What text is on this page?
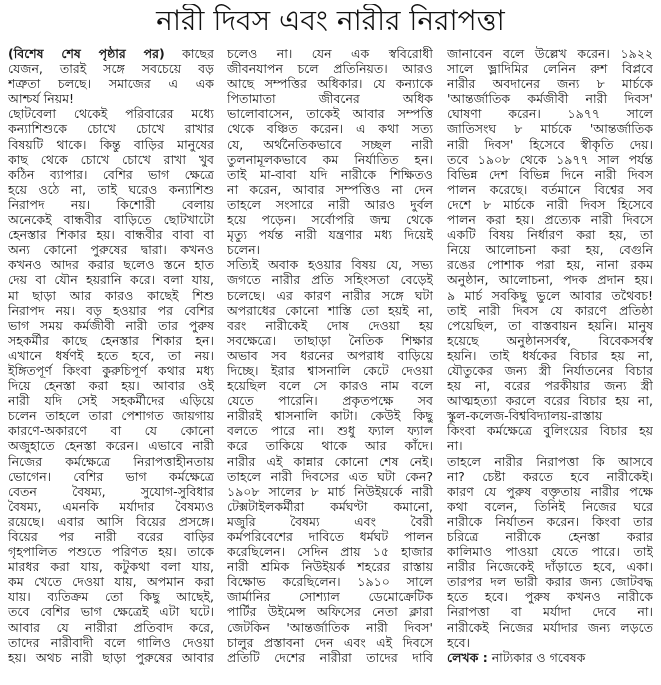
নারী দিবস এবং নারীর নিরাপত্তা
(বিশেষ শেষ পৃষ্ঠার পর) কাছের
যেজন, তারই সঙ্গে সবচেয়ে বড়
শত্রুতা চলছে। সমাজের এ এক
আশ্চর্য নিয়ম!
ছোটবেলা থেকেই পরিবারের মধ্যে
কন্যাশিশুকে চোখে চোখে রাখার
বিষয়টি থাকে। কিন্তু বাড়ির মানুষের
কাছ থেকে চোখে চোখে রাখা খুব
কঠিন ব্যাপার। বেশির ভাগ ক্ষেত্রে
হয়ে ওঠে না, তাই ঘরেও কন্যাশিশু
নিরাপদ নয়। কিশোরী বেলায়
অনেকেই বান্ধবীর বাড়িতে ছোটখাটো
হেনস্তার শিকার হয়। বান্ধবীর বাবা বা
অন্য কোনো পুরুষের দ্বারা। কখনও
কখনও আদর করার ছলেও স্তনে হাত
দেয় বা যৌন হয়রানি করে। বলা যায়,
মা ছাড়া আর কারও কাছেই শিশু
নিরাপদ নয়। বড় হওয়ার পর বেশির
ভাগ সময় কর্মজীবী নারী তার পুরুষ
সহকর্মীর কাছে হেনস্তার শিকার হন।
এখানে ধর্ষণই হতে হবে, তা নয়।
ইঙ্গিতপূর্ণ কিংবা কুরুচিপূর্ণ কথার মধ্য
দিয়ে হেনস্তা করা হয়। আবার ওই
নারী যদি সেই সহকর্মীদের এড়িয়ে
চলেন তাহলে তারা পেশাগত জায়গায়
কারণে-অকারণে বা যে কোনো
অজুহাতে হেনস্তা করেন। এভাবে নারী
নিজের কর্মক্ষেত্রে নিরাপত্তাহীনতায়
ভোগেন। বেশির ভাগ কর্মক্ষেত্রে
বেতন বৈষম্য, সুযোগ-সুবিধার
বৈষম্য, এমনকি মর্যাদার বৈষম্যও
রয়েছে। এবার আসি বিয়ের প্রসঙ্গে।
বিয়ের পর নারী বরের বাড়ির
গৃহপালিত পশুতে পরিণত হয়। তাকে
মারধর করা যায়, কটুকথা বলা যায়,
কম খেতে দেওয়া যায়, অপমান করা
যায়। ব্যতিক্রম তো কিছু আছেই,
তবে বেশির ভাগ ক্ষেত্রেই এটা ঘটে।
আবার যে নারীরা প্রতিবাদ করে,
তাদের নারীবাদী বলে গালিও দেওয়া
হয়। অথচ নারী ছাড়া পুরুষের আবার
চলেও না। যেন এক স্ববিরোধী
জীবনযাপন চলে প্রতিনিয়ত। আরও
আছে সম্পত্তির অধিকার। যে কন্যাকে
পিতামাতা জীবনের অধিক
ভালোবাসেন, তাকেই আবার সম্পত্তি
থেকে বঞ্চিত করেন। এ কথা সত্য
যে, অর্থনৈতিকভাবে সচ্ছল নারী
তুলনামূলকভাবে কম নির্যাতিত হন।
তাই মা-বাবা যদি নারীকে শিক্ষিতও
না করেন, আবার সম্পত্তিও না দেন
তাহলে সংসারে নারী আরও দুর্বল
হয়ে পড়েন। সর্বোপরি জন্ম থেকে
মৃত্যু পর্যন্ত নারী যন্ত্রণার মধ্য দিয়েই
চলেন।
সত্যিই অবাক হওয়ার বিষয় যে, সভ্য
জগতে নারীর প্রতি সহিংসতা বেড়েই
চলেছে। এর কারণ নারীর সঙ্গে ঘটা
অপরাধের কোনো শাস্তি তো হয়ই না,
বরং নারীকেই দোষ দেওয়া হয়
সবক্ষেত্রে। তাছাড়া নৈতিক শিক্ষার
অভাব সব ধরনের অপরাধ বাড়িয়ে
দিচ্ছে। ইরার শ্বাসনালি কেটে দেওয়া
হয়েছিল বলে সে কারও নাম বলে
যেতে পারেনি। প্রকৃতপক্ষে সব
নারীরই শ্বাসনালি কাটা। কেউই কিছু
বলতে পারে না। শুধু ফ্যাল ফ্যাল
করে তাকিয়ে থাকে আর কাঁদে।
নারীর এই কান্নার কোনো শেষ নেই।
তাহলে নারী দিবসের এত ঘটা কেন?
১৯০৮ সালের ৮ মার্চ নিউইয়র্কে নারী
টেক্সটাইলকর্মীরা কর্মঘণ্টা কমানো,
মজুরি বৈষম্য এবং বৈরী
কর্মপরিবেশের দাবিতে ধর্মঘট পালন
করেছিলেন। সেদিন প্রায় ১৫ হাজার
নারী শ্রমিক নিউইয়র্ক শহরের রাস্তায়
বিক্ষোভ করেছিলেন। ১৯১০ সালে
জার্মানির সোশ্যাল ডেমোক্রেটিক
পার্টির উইমেন্স অফিসের নেতা ক্লারা
জেটকিন 'আন্তর্জাতিক নারী দিবস'
চালুর প্রস্তাবনা দেন এবং এই দিবসে
প্রতিটি দেশের নারীরা তাদের দাবি
জানাবেন বলে উল্লেখ করেন। ১৯২২
সালে ভ্লাদিমির লেনিন রুশ বিপ্লবে
নারীর অবদানের জন্য ৮ মার্চকে
'আন্তর্জাতিক কর্মজীবী নারী দিবস'
ঘোষণা করেন। ১৯৭৭ সালে
জাতিসংঘ ৮ মার্চকে 'আন্তর্জাতিক
নারী দিবস' হিসেবে স্বীকৃতি দেয়।
তবে ১৯০৮ থেকে ১৯৭৭ সাল পর্যন্ত
বিভিন্ন দেশ বিভিন্ন দিনে নারী দিবস
পালন করেছে। বর্তমানে বিশ্বের সব
দেশে ৮ মার্চকে নারী দিবস হিসেবে
পালন করা হয়। প্রত্যেক নারী দিবসে
একটি বিষয় নির্ধারণ করা হয়, তা
নিয়ে আলোচনা করা হয়, বেগুনি
রঙের পোশাক পরা হয়, নানা রকম
অনুষ্ঠান, আলোচনা, পদক প্রদান হয়।
৯ মার্চ সবকিছু ভুলে আবার তথৈবচ!
তাই নারী দিবস যে কারণে প্রতিষ্ঠা
পেয়েছিল, তা বাস্তবায়ন হয়নি। মানুষ
হয়েছে অনুষ্ঠানসর্বস্ব, বিবেকসর্বস্ব
হয়নি। তাই ধর্ষকের বিচার হয় না,
যৌতুকের জন্য স্ত্রী নির্যাতনের বিচার
হয় না, বরের পরকীয়ার জন্য স্ত্রী
আত্মহত্যা করলে বরের বিচার হয় না,
স্কুল-কলেজ-বিশ্ববিদ্যালয়-রাস্তায়
কিংবা কর্মক্ষেত্রে বুলিংয়ের বিচার হয়
না।
তাহলে নারীর নিরাপত্তা কি আসবে
না? চেষ্টা করতে হবে নারীকেই।
কারণ যে পুরুষ বক্তৃতায় নারীর পক্ষে
কথা বলেন, তিনিই নিজের ঘরে
নারীকে নির্যাতন করেন। কিংবা তার
চরিত্রে নারীকে হেনস্তা করার
কালিমাও পাওয়া যেতে পারে। তাই
নারীর নিজেকেই দাঁড়াতে হবে, একা।
তারপর দল ভারী করার জন্য জোটবদ্ধ
হতে হবে। পুরুষ কখনও নারীকে
নিরাপত্তা বা মর্যাদা দেবে না।
নারীকেই নিজের মর্যাদার জন্য লড়তে
হবে।
লেখক : নাট্যকার ও গবেষক
